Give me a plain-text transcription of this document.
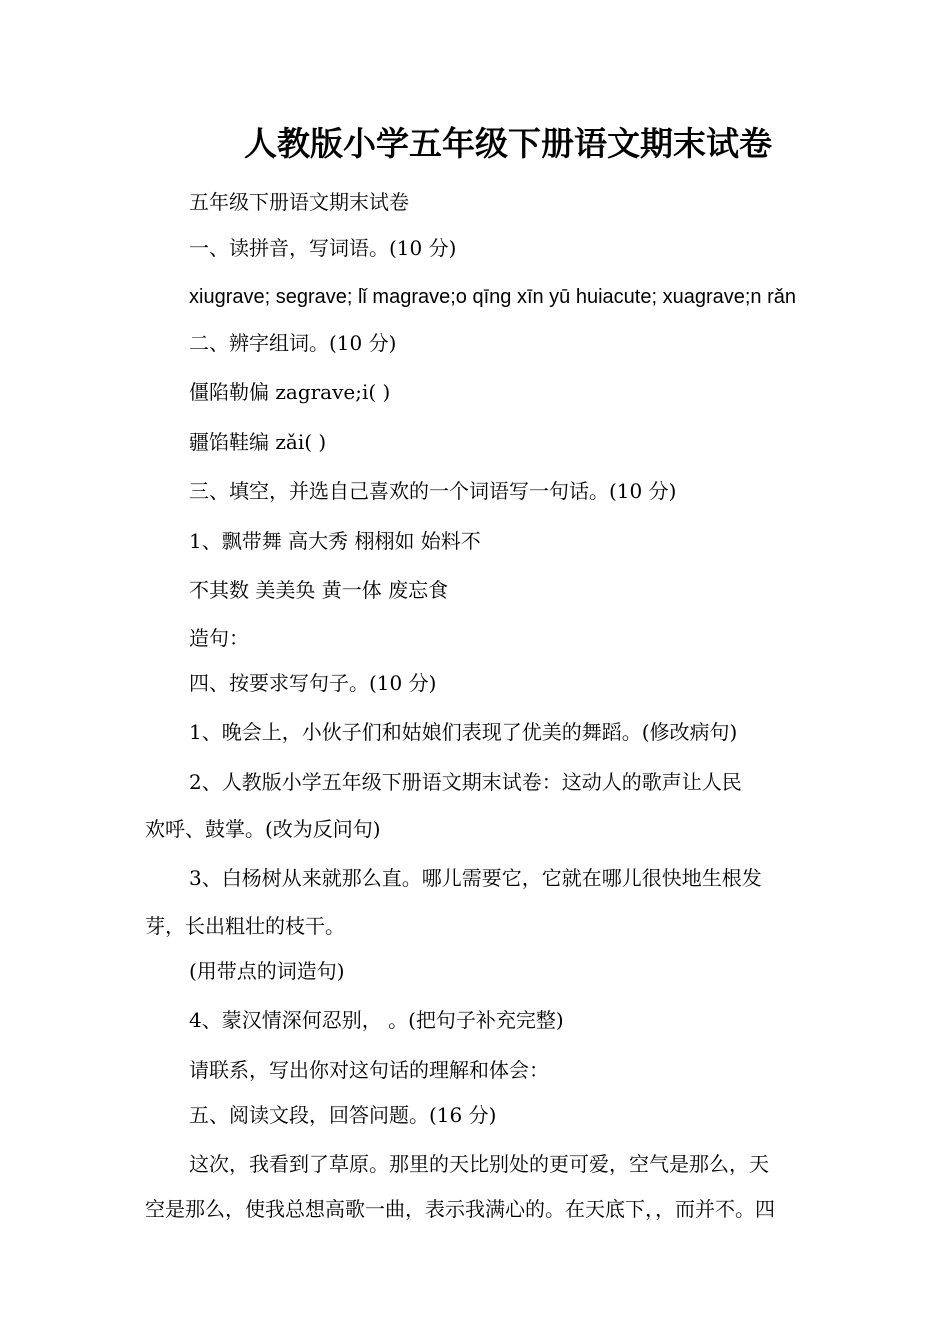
人教版小学五年级下册语文期末试卷
五年级下册语文期末试卷
一、读拼音，写词语。(10 分)
xiugrave; segrave; lǐ magrave;o qīng xīn yū huiacute; xuagrave;n rǎn
二、辨字组词。(10 分)
僵陷勒偏 zagrave;i( )
疆馅鞋编 zǎi( )
三、填空，并选自己喜欢的一个词语写一句话。(10 分)
1、飘带舞 高大秀 栩栩如 始料不
不其数 美美奂 黄一体 废忘食
造句：
四、按要求写句子。(10 分)
1、晚会上，小伙子们和姑娘们表现了优美的舞蹈。(修改病句)
2、人教版小学五年级下册语文期末试卷：这动人的歌声让人民
欢呼、鼓掌。(改为反问句)
3、白杨树从来就那么直。哪儿需要它，它就在哪儿很快地生根发
芽，长出粗壮的枝干。
(用带点的词造句)
4、蒙汉情深何忍别， 。(把句子补充完整)
请联系，写出你对这句话的理解和体会：
五、阅读文段，回答问题。(16 分)
这次，我看到了草原。那里的天比别处的更可爱，空气是那么，天
空是那么，使我总想高歌一曲，表示我满心的。在天底下，，而并不。四
